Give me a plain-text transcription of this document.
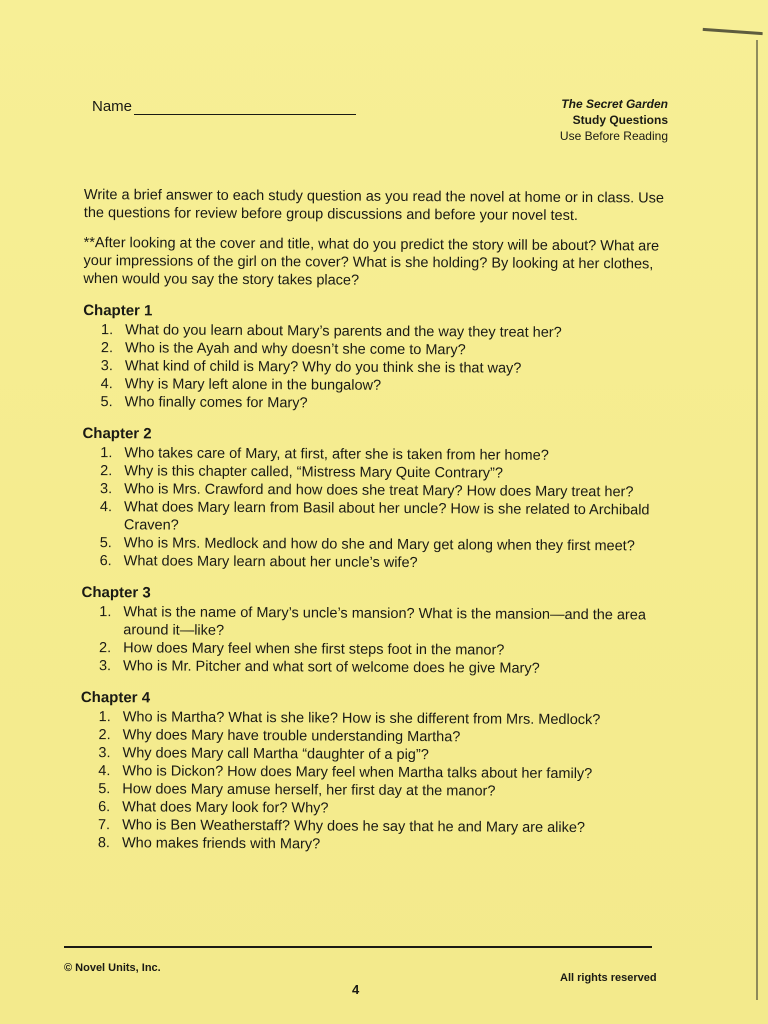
Name	The Secret Garden
Study Questions
Use Before Reading

Write a brief answer to each study question as you read the novel at home or in class. Use the questions for review before group discussions and before your novel test.

**After looking at the cover and title, what do you predict the story will be about? What are your impressions of the girl on the cover? What is she holding? By looking at her clothes, when would you say the story takes place?

Chapter 1
1. What do you learn about Mary’s parents and the way they treat her?
2. Who is the Ayah and why doesn’t she come to Mary?
3. What kind of child is Mary? Why do you think she is that way?
4. Why is Mary left alone in the bungalow?
5. Who finally comes for Mary?
Chapter 2
1. Who takes care of Mary, at first, after she is taken from her home?
2. Why is this chapter called, “Mistress Mary Quite Contrary”?
3. Who is Mrs. Crawford and how does she treat Mary? How does Mary treat her?
4. What does Mary learn from Basil about her uncle? How is she related to Archibald Craven?
5. Who is Mrs. Medlock and how do she and Mary get along when they first meet?
6. What does Mary learn about her uncle’s wife?
Chapter 3
1. What is the name of Mary’s uncle’s mansion? What is the mansion—and the area around it—like?
2. How does Mary feel when she first steps foot in the manor?
3. Who is Mr. Pitcher and what sort of welcome does he give Mary?
Chapter 4
1. Who is Martha? What is she like? How is she different from Mrs. Medlock?
2. Why does Mary have trouble understanding Martha?
3. Why does Mary call Martha “daughter of a pig”?
4. Who is Dickon? How does Mary feel when Martha talks about her family?
5. How does Mary amuse herself, her first day at the manor?
6. What does Mary look for? Why?
7. Who is Ben Weatherstaff? Why does he say that he and Mary are alike?
8. Who makes friends with Mary?
© Novel Units, Inc.
4
All rights reserved
